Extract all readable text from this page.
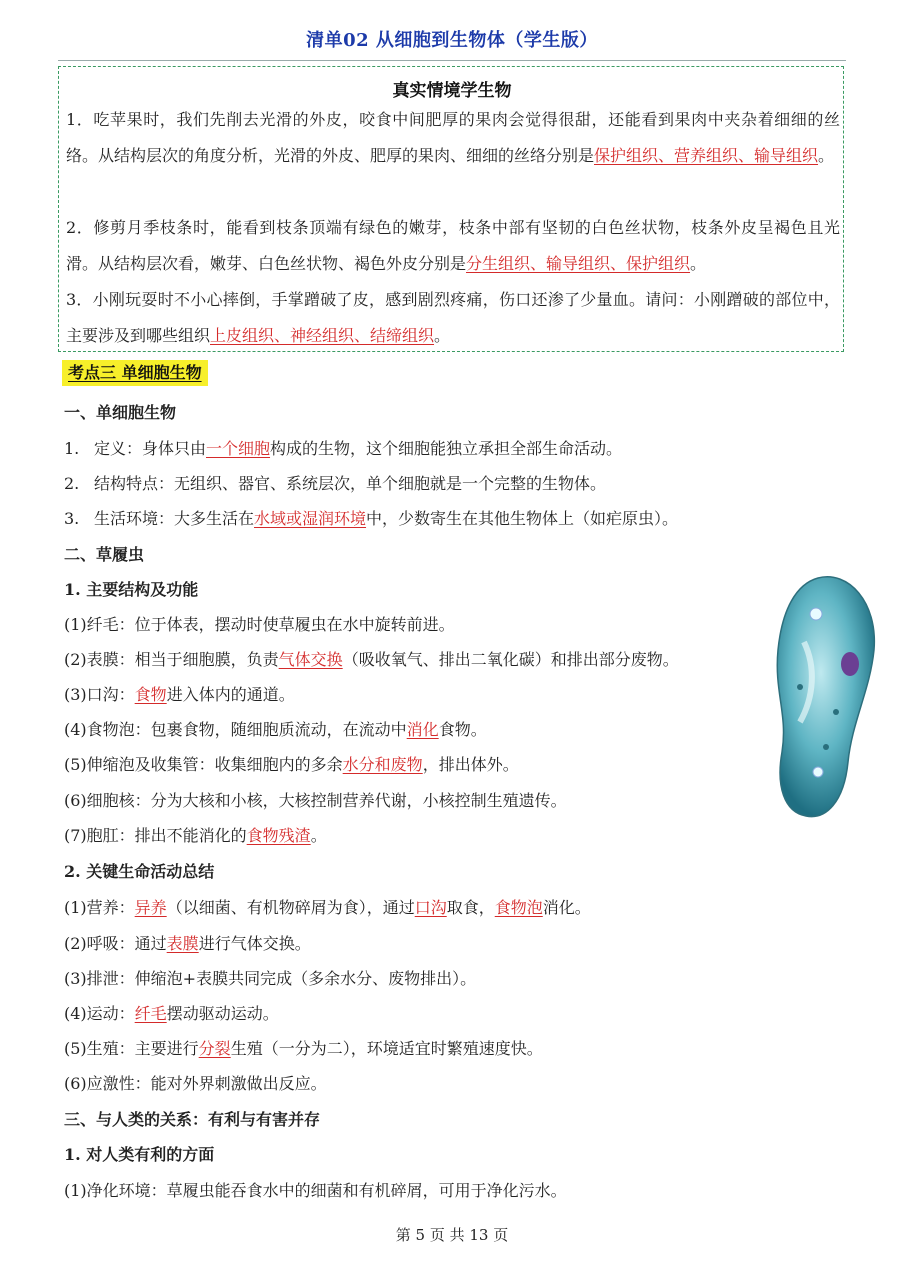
清单02 从细胞到生物体（学生版）
真实情境学生物
1．吃苹果时，我们先削去光滑的外皮，咬食中间肥厚的果肉会觉得很甜，还能看到果肉中夹杂着细细的丝络。从结构层次的角度分析，光滑的外皮、肥厚的果肉、细细的丝络分别是保护组织、营养组织、输导组织。
2．修剪月季枝条时，能看到枝条顶端有绿色的嫩芽，枝条中部有坚韧的白色丝状物，枝条外皮呈褐色且光滑。从结构层次看，嫩芽、白色丝状物、褐色外皮分别是分生组织、输导组织、保护组织。
3．小刚玩耍时不小心摔倒，手掌蹭破了皮，感到剧烈疼痛，伤口还渗了少量血。请问：小刚蹭破的部位中，主要涉及到哪些组织上皮组织、神经组织、结缔组织。
考点三 单细胞生物
一、单细胞生物
1. 定义：身体只由一个细胞构成的生物，这个细胞能独立承担全部生命活动。
2. 结构特点：无组织、器官、系统层次，单个细胞就是一个完整的生物体。
3. 生活环境：大多生活在水域或湿润环境中，少数寄生在其他生物体上（如疟原虫）。
二、草履虫
1. 主要结构及功能
(1)纤毛：位于体表，摆动时使草履虫在水中旋转前进。
(2)表膜：相当于细胞膜，负责气体交换（吸收氧气、排出二氧化碳）和排出部分废物。
(3)口沟：食物进入体内的通道。
(4)食物泡：包裹食物，随细胞质流动，在流动中消化食物。
(5)伸缩泡及收集管：收集细胞内的多余水分和废物，排出体外。
(6)细胞核：分为大核和小核，大核控制营养代谢，小核控制生殖遗传。
(7)胞肛：排出不能消化的食物残渣。
2. 关键生命活动总结
(1)营养：异养（以细菌、有机物碎屑为食），通过口沟取食，食物泡消化。
(2)呼吸：通过表膜进行气体交换。
(3)排泄：伸缩泡+表膜共同完成（多余水分、废物排出）。
(4)运动：纤毛摆动驱动运动。
(5)生殖：主要进行分裂生殖（一分为二），环境适宜时繁殖速度快。
(6)应激性：能对外界刺激做出反应。
三、与人类的关系：有利与有害并存
1. 对人类有利的方面
(1)净化环境：草履虫能吞食水中的细菌和有机碎屑，可用于净化污水。
第 5 页 共 13 页
